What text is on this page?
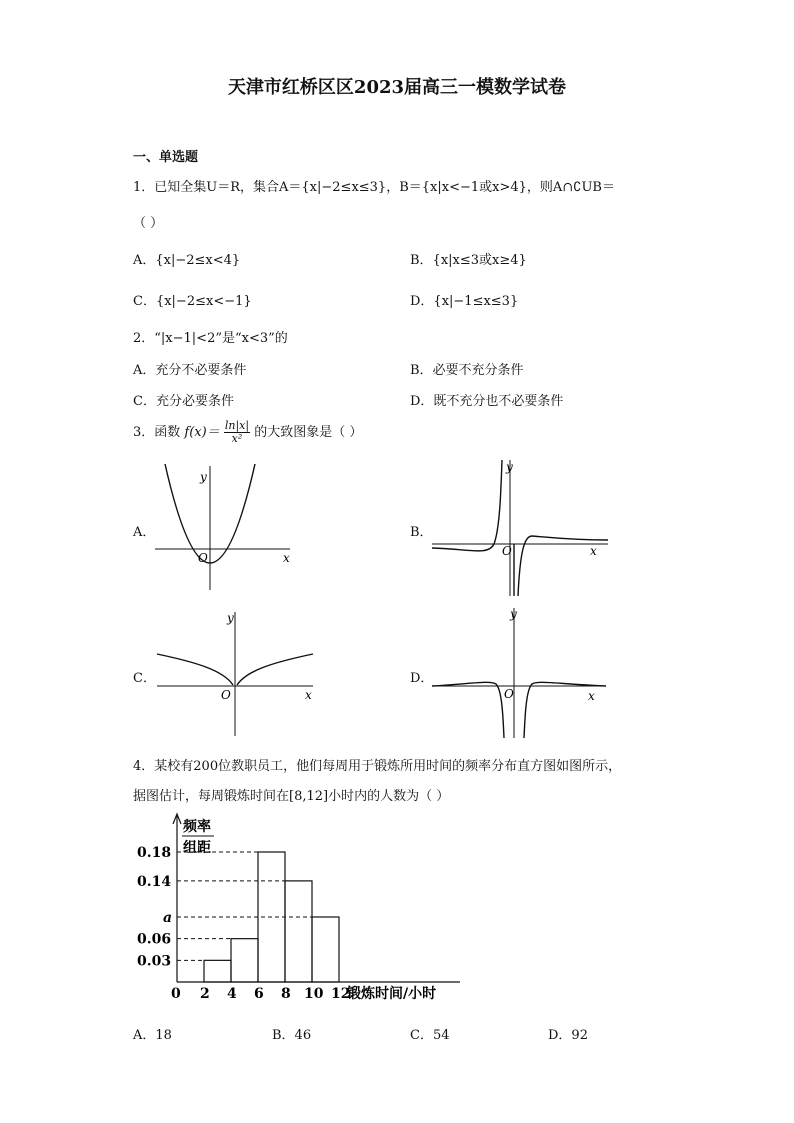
天津市红桥区区2023届高三一模数学试卷
一、单选题
1．已知全集U＝R，集合A＝{x|−2≤x≤3}，B＝{x|x<−1或x>4}，则A∩∁UB＝
（ ）
A．{x|−2≤x<4}	B．{x|x≤3或x≥4}
C．{x|−2≤x<−1}	D．{x|−1≤x≤3}
2．“|x−1|<2”是“x<3”的
A．充分不必要条件	B．必要不充分条件
C．充分必要条件	D．既不充分也不必要条件
3．函数 $f(x)= \frac{\ln|x|}{\text{x²}}$ 的大致图象是（ ）
A．	B．
C．	D．
y
O	x
y
O	x
y
O	x
y
O	x
4．某校有200位教职员工，他们每周用于锻炼所用时间的频率分布直方图如图所示，
据图估计，每周锻炼时间在[8,12]小时内的人数为（ ）
频率
组距
0.18
0.14
a
0.06
0.03
0 2 4 6 8 10 12
锻炼时间/小时
A．18	B．46	C．54	D．92
